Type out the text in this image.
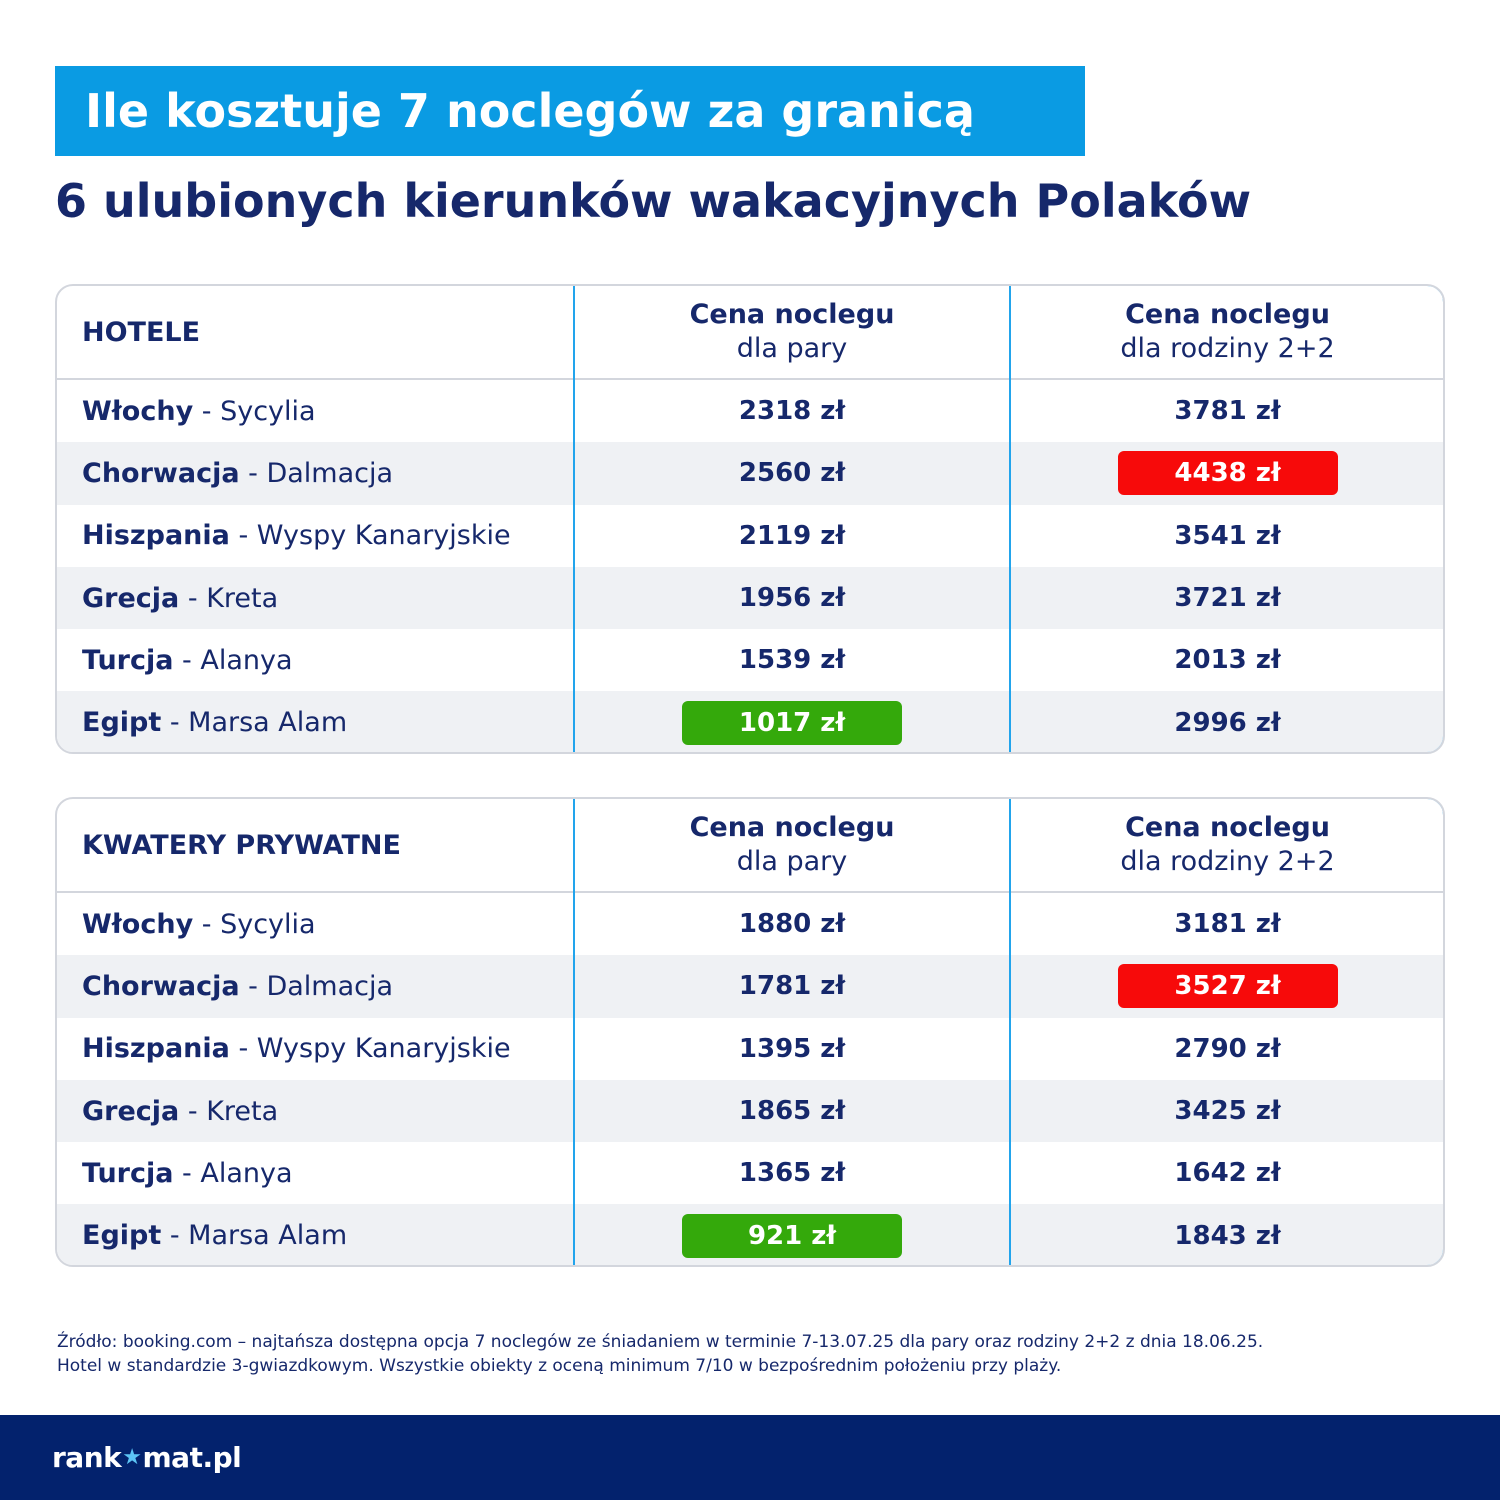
Ile kosztuje 7 noclegów za granicą
6 ulubionych kierunków wakacyjnych Polaków
HOTELE
Cena noclegu
dla pary
Cena noclegu
dla rodziny 2+2
Włochy - Sycylia	2318 zł	3781 zł
Chorwacja - Dalmacja	2560 zł	4438 zł
Hiszpania - Wyspy Kanaryjskie	2119 zł	3541 zł
Grecja - Kreta	1956 zł	3721 zł
Turcja - Alanya	1539 zł	2013 zł
Egipt - Marsa Alam	1017 zł	2996 zł
KWATERY PRYWATNE
Cena noclegu
dla pary
Cena noclegu
dla rodziny 2+2
Włochy - Sycylia	1880 zł	3181 zł
Chorwacja - Dalmacja	1781 zł	3527 zł
Hiszpania - Wyspy Kanaryjskie	1395 zł	2790 zł
Grecja - Kreta	1865 zł	3425 zł
Turcja - Alanya	1365 zł	1642 zł
Egipt - Marsa Alam	921 zł	1843 zł
Źródło: booking.com – najtańsza dostępna opcja 7 noclegów ze śniadaniem w terminie 7-13.07.25 dla pary oraz rodziny 2+2 z dnia 18.06.25.
Hotel w standardzie 3-gwiazdkowym. Wszystkie obiekty z oceną minimum 7/10 w bezpośrednim położeniu przy plaży.
rank ★ mat.pl
